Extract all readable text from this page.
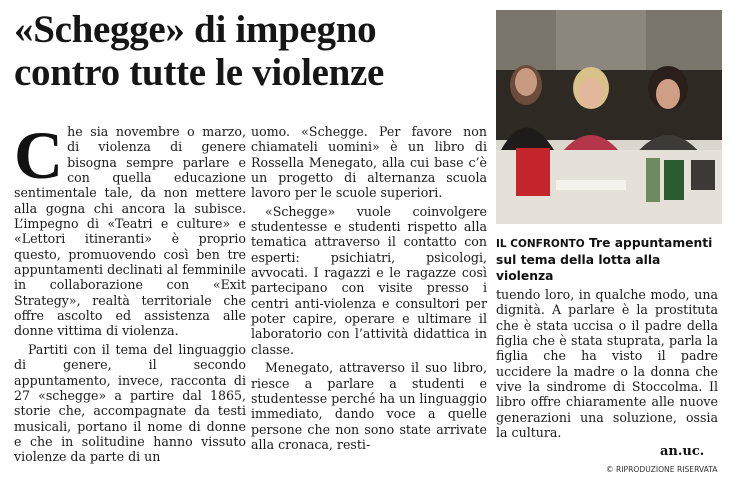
«Schegge» di impegno
contro tutte le violenze

Che sia novembre o marzo, di violenza di genere bisogna sempre parlare e con quella educazione sentimentale tale, da non mettere alla gogna chi ancora la subisce. L’impegno di «Teatri e culture» e «Lettori itineranti» è proprio questo, promuovendo così ben tre appuntamenti declinati al femminile in collaborazione con «Exit Strategy», realtà territoriale che offre ascolto ed assistenza alle donne vittima di violenza.

Partiti con il tema del linguaggio di genere, il secondo appuntamento, invece, racconta di 27 «schegge» a partire dal 1865, storie che, accompagnate da testi musicali, portano il nome di donne e che in solitudine hanno vissuto violenze da parte di un

uomo. «Schegge. Per favore non chiamateli uomini» è un libro di Rossella Menegato, alla cui base c’è un progetto di alternanza scuola lavoro per le scuole superiori.

«Schegge» vuole coinvolgere studentesse e studenti rispetto alla tematica attraverso il contatto con esperti: psichiatri, psicologi, avvocati. I ragazzi e le ragazze così partecipano con visite presso i centri anti-violenza e consultori per poter capire, operare e ultimare il laboratorio con l’attività didattica in classe.

Menegato, attraverso il suo libro, riesce a parlare a studenti e studentesse perché ha un linguaggio immediato, dando voce a quelle persone che non sono state arrivate alla cronaca, resti-

IL CONFRONTO Tre appuntamenti sul tema della lotta alla violenza

tuendo loro, in qualche modo, una dignità. A parlare è la prostituta che è stata uccisa o il padre della figlia che è stata stuprata, parla la figlia che ha visto il padre uccidere la madre o la donna che vive la sindrome di Stoccolma. Il libro offre chiaramente alle nuove generazioni una soluzione, ossia la cultura.

an.uc.
© RIPRODUZIONE RISERVATA
